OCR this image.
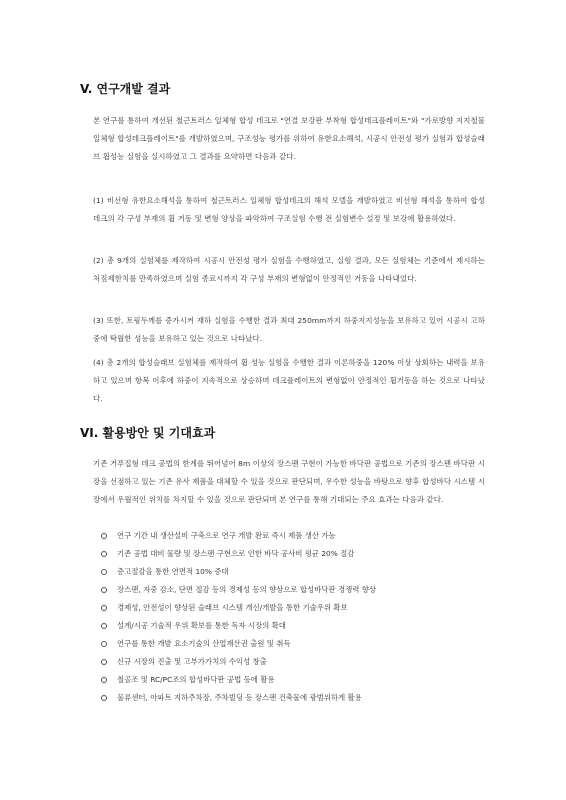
V. 연구개발 결과

본 연구를 통하여 개선된 철근트러스 일체형 합성 데크로 "연결 보강판 부착형 합성데크플레이트"와 "가로방향 지지철물 일체형 합성데크플레이트"를 개발하였으며, 구조성능 평가를 위하여 유한요소해석, 시공시 안전성 평가 실험과 합성슬래브 휨성능 실험을 실시하였고 그 결과를 요약하면 다음과 같다.

(1) 비선형 유한요소해석을 통하여 철근트러스 일체형 합성데크의 해석 모델을 개발하였고 비선형 해석을 통하여 합성 데크의 각 구성 부재의 휨 거동 및 변형 양상을 파악하여 구조실험 수행 전 실험변수 설정 및 보강에 활용하였다.

(2) 총 9개의 실험체를 제작하여 시공시 안전성 평가 실험을 수행하였고, 실험 결과, 모든 실험체는 기준에서 제시하는 처짐제한치를 만족하였으며 실험 종료시까지 각 구성 부재의 변형없이 안정적인 거동을 나타내었다.

(3) 또한, 토핑두께를 증가시켜 재하 실험을 수행한 결과 최대 250mm까지 하중지지성능을 보유하고 있어 시공시 고하중에 탁월한 성능을 보유하고 있는 것으로 나타났다.

(4) 총 2개의 합성슬래브 실험체를 제작하여 휨 성능 실험을 수행한 결과 이론하중을 120% 이상 상회하는 내력을 보유하고 있으며 항복 이후에 하중이 지속적으로 상승하며 데크플레이트의 변형없이 안정적인 휨거동을 하는 것으로 나타났다.

VI. 활용방안 및 기대효과

기존 거푸집형 데크 공법의 한계를 뛰어넘어 8m 이상의 장스팬 구현이 가능한 바닥판 공법으로 기존의 장스팬 바닥판 시장을 선점하고 있는 기존 유사 제품을 대체할 수 있을 것으로 판단되며, 우수한 성능을 바탕으로 향후 합성바닥 시스템 시장에서 우월적인 위치를 차지할 수 있을 것으로 판단되며 본 연구를 통해 기대되는 주요 효과는 다음과 같다.

연구 기간 내 생산설비 구축으로 연구 개발 완료 즉시 제품 생산 가능
기존 공법 대비 물량 및 장스팬 구현으로 인한 바닥 공사비 평균 20% 절감
층고절감을 통한 연면적 10% 증대
장스팬, 자중 감소, 단면 절감 등의 경제성 등의 향상으로 합성바닥판 경쟁력 향상
경제성, 안전성이 향상된 슬래브 시스템 개선/개발을 통한 기술우위 확보
설계/시공 기술적 우위 확보를 통한 독자 시장의 확대
연구를 통한 개발 요소기술의 산업재산권 출원 및 취득
신규 시장의 진출 및 고부가가치의 수익성 창출
철골조 및 RC/PC조의 합성바닥판 공법 등에 활용
물류센터, 아파트 지하주차장, 주차빌딩 등 장스팬 건축물에 광범위하게 활용
